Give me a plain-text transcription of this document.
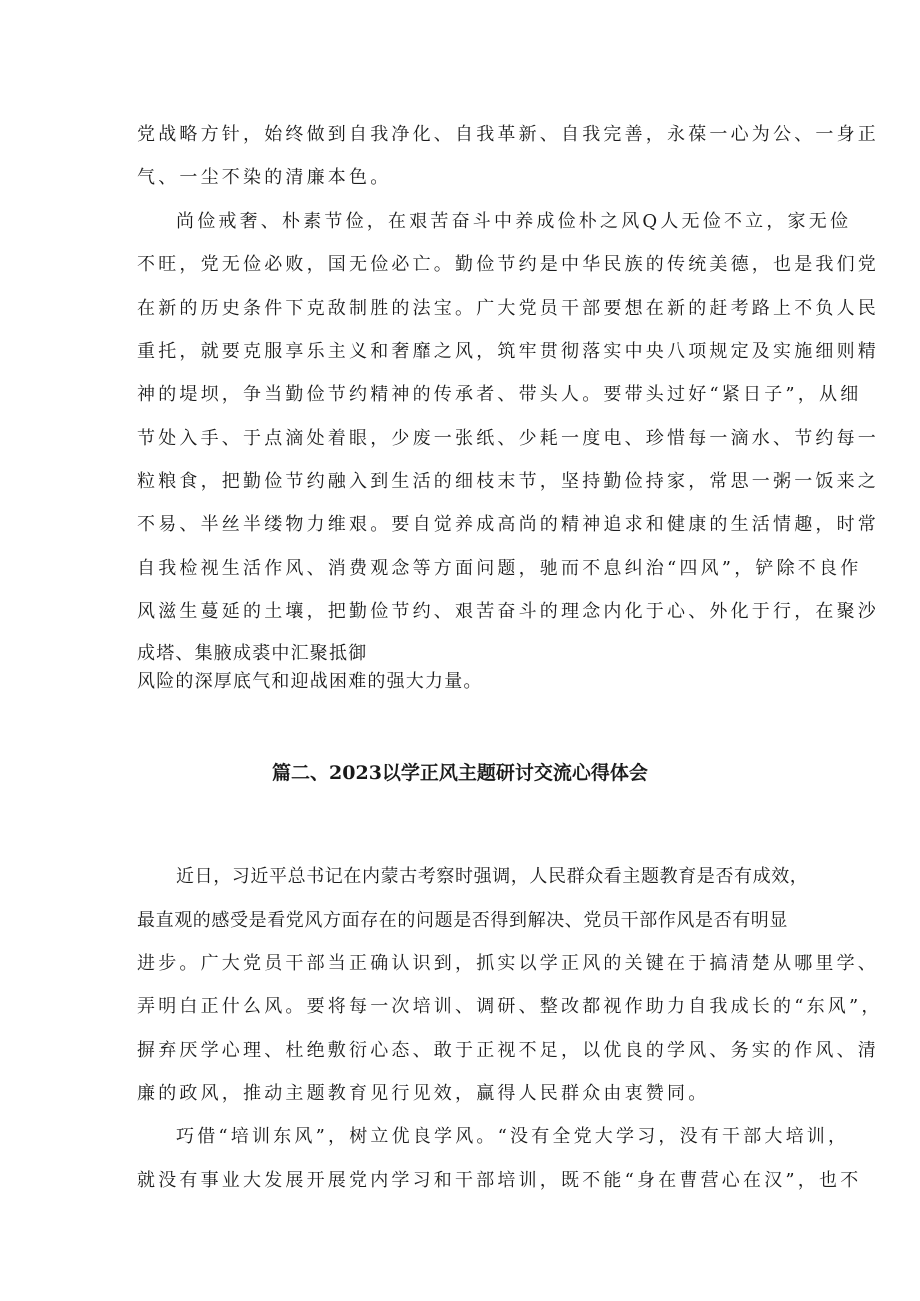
党战略方针，始终做到自我净化、自我革新、自我完善，永葆一心为公、一身正
气、一尘不染的清廉本色。
尚俭戒奢、朴素节俭，在艰苦奋斗中养成俭朴之风Q人无俭不立，家无俭
不旺，党无俭必败，国无俭必亡。勤俭节约是中华民族的传统美德，也是我们党
在新的历史条件下克敌制胜的法宝。广大党员干部要想在新的赶考路上不负人民
重托，就要克服享乐主义和奢靡之风，筑牢贯彻落实中央八项规定及实施细则精
神的堤坝，争当勤俭节约精神的传承者、带头人。要带头过好“紧日子”，从细
节处入手、于点滴处着眼，少废一张纸、少耗一度电、珍惜每一滴水、节约每一
粒粮食，把勤俭节约融入到生活的细枝末节，坚持勤俭持家，常思一粥一饭来之
不易、半丝半缕物力维艰。要自觉养成高尚的精神追求和健康的生活情趣，时常
自我检视生活作风、消费观念等方面问题，驰而不息纠治“四风”，铲除不良作
风滋生蔓延的土壤，把勤俭节约、艰苦奋斗的理念内化于心、外化于行，在聚沙
成塔、集腋成裘中汇聚抵御
风险的深厚底气和迎战困难的强大力量。
篇二、2023以学正风主题研讨交流心得体会
近日，习近平总书记在内蒙古考察时强调，人民群众看主题教育是否有成效，
最直观的感受是看党风方面存在的问题是否得到解决、党员干部作风是否有明显
进步。广大党员干部当正确认识到，抓实以学正风的关键在于搞清楚从哪里学、
弄明白正什么风。要将每一次培训、调研、整改都视作助力自我成长的“东风”，
摒弃厌学心理、杜绝敷衍心态、敢于正视不足，以优良的学风、务实的作风、清
廉的政风，推动主题教育见行见效，赢得人民群众由衷赞同。
巧借“培训东风”，树立优良学风。“没有全党大学习，没有干部大培训，
就没有事业大发展开展党内学习和干部培训，既不能“身在曹营心在汉”，也不
